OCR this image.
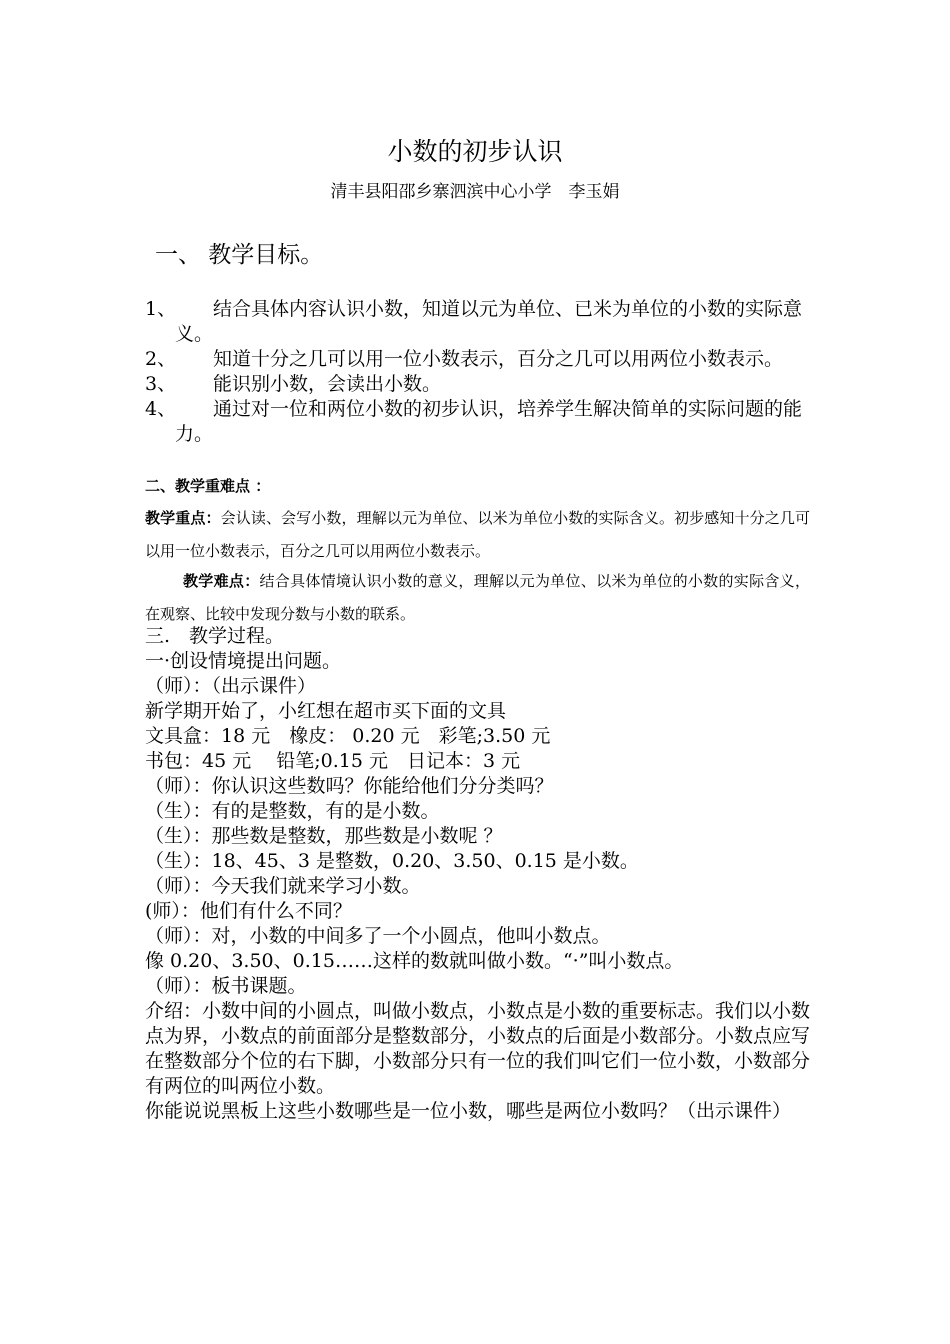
小数的初步认识
清丰县阳邵乡寨泗滨中心小学　李玉娟
一、 教学目标。
1、	结合具体内容认识小数，知道以元为单位、已米为单位的小数的实际意义。
2、	知道十分之几可以用一位小数表示，百分之几可以用两位小数表示。
3、	能识别小数，会读出小数。
4、	通过对一位和两位小数的初步认识，培养学生解决简单的实际问题的能力。
二、教学重难点 ：
教学重点：会认读、会写小数，理解以元为单位、以米为单位小数的实际含义。初步感知十分之几可以用一位小数表示，百分之几可以用两位小数表示。
教学难点：结合具体情境认识小数的意义，理解以元为单位、以米为单位的小数的实际含义，在观察、比较中发现分数与小数的联系。
三.　教学过程。
一·创设情境提出问题。
（师）：（出示课件）
新学期开始了，小红想在超市买下面的文具
文具盒：18 元　橡皮： 0.20 元　彩笔;3.50 元
书包：45 元　 铅笔;0.15 元　日记本：3 元
（师）：你认识这些数吗？你能给他们分分类吗？
（生）：有的是整数，有的是小数。
（生）：那些数是整数，那些数是小数呢 ？
（生）：18、45、3 是整数，0.20、3.50、0.15 是小数。
（师）：今天我们就来学习小数。
(师）：他们有什么不同？
（师）：对，小数的中间多了一个小圆点，他叫小数点。
像 0.20、3.50、0.15……这样的数就叫做小数。“·”叫小数点。
（师）：板书课题。
介绍：小数中间的小圆点，叫做小数点，小数点是小数的重要标志。我们以小数点为界，小数点的前面部分是整数部分，小数点的后面是小数部分。小数点应写在整数部分个位的右下脚，小数部分只有一位的我们叫它们一位小数，小数部分有两位的叫两位小数。
你能说说黑板上这些小数哪些是一位小数，哪些是两位小数吗？（出示课件）
